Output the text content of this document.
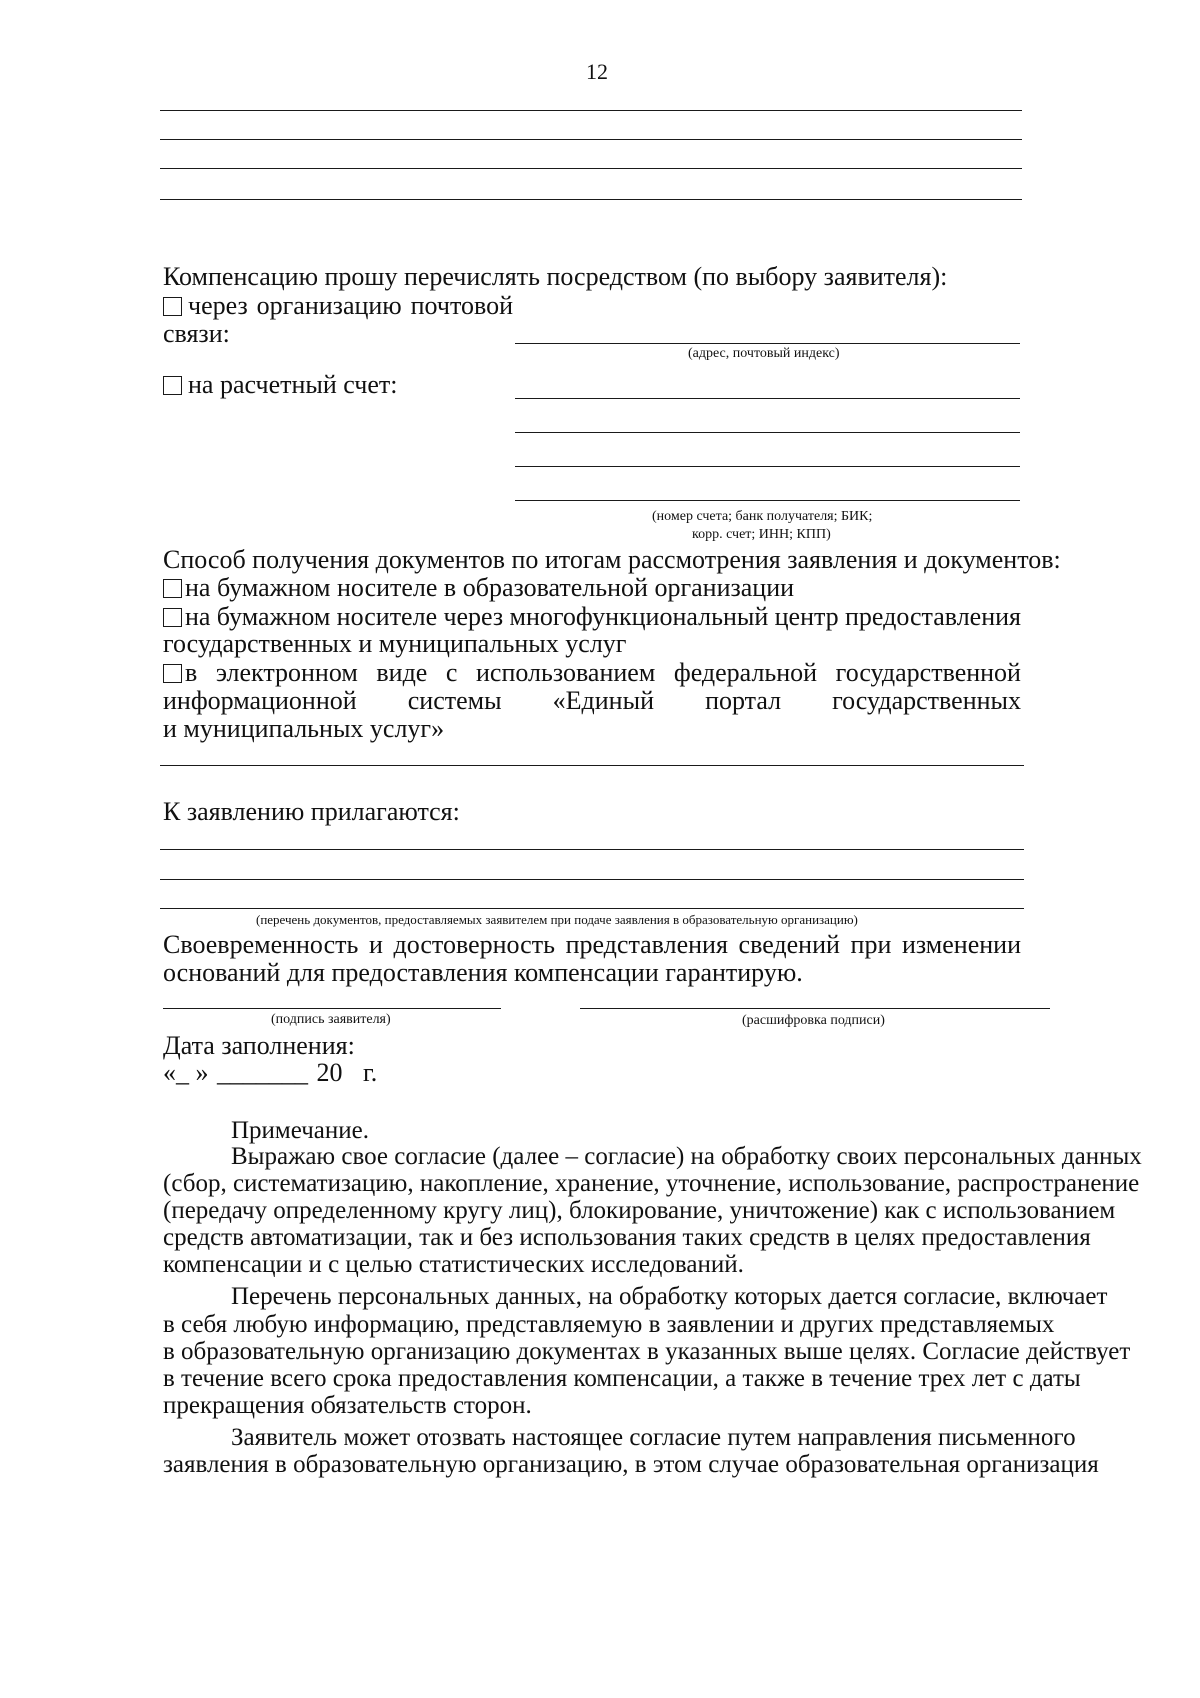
12
Компенсацию прошу перечислять посредством (по выбору заявителя):
через организацию почтовой
связи:
(адрес, почтовый индекс)
на расчетный счет:
(номер счета; банк получателя; БИК;
корр. счет; ИНН; КПП)
Способ получения документов по итогам рассмотрения заявления и документов:
на бумажном носителе в образовательной организации
на бумажном носителе через многофункциональный центр предоставления
государственных и муниципальных услуг
в электронном виде с использованием федеральной государственной
информационной системы «Единый портал государственных
и муниципальных услуг»
К заявлению прилагаются:
(перечень документов, предоставляемых заявителем при подаче заявления в образовательную организацию)
Своевременность и достоверность представления сведений при изменении
оснований для предоставления компенсации гарантирую.
(подпись заявителя)	(расшифровка подписи)
Дата заполнения:
«_ » _______ 20 г.
Примечание.
Выражаю свое согласие (далее – согласие) на обработку своих персональных данных
(сбор, систематизацию, накопление, хранение, уточнение, использование, распространение
(передачу определенному кругу лиц), блокирование, уничтожение) как с использованием
средств автоматизации, так и без использования таких средств в целях предоставления
компенсации и с целью статистических исследований.
Перечень персональных данных, на обработку которых дается согласие, включает
в себя любую информацию, представляемую в заявлении и других представляемых
в образовательную организацию документах в указанных выше целях. Согласие действует
в течение всего срока предоставления компенсации, а также в течение трех лет с даты
прекращения обязательств сторон.
Заявитель может отозвать настоящее согласие путем направления письменного
заявления в образовательную организацию, в этом случае образовательная организация
